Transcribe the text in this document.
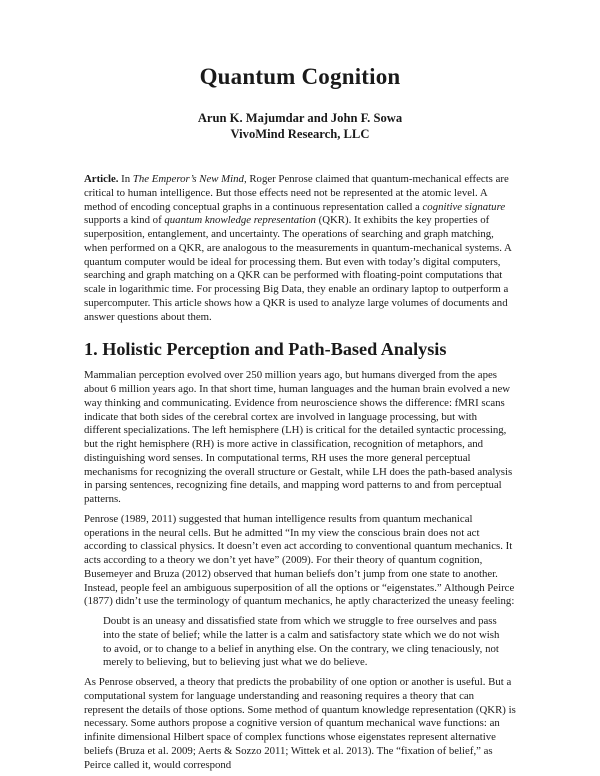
Quantum Cognition
Arun K. Majumdar and John F. Sowa
VivoMind Research, LLC

Article. In The Emperor’s New Mind, Roger Penrose claimed that quantum-mechanical effects are critical to human intelligence. But those effects need not be represented at the atomic level. A method of encoding conceptual graphs in a continuous representation called a cognitive signature supports a kind of quantum knowledge representation (QKR). It exhibits the key properties of superposition, entanglement, and uncertainty. The operations of searching and graph matching, when performed on a QKR, are analogous to the measurements in quantum-mechanical systems. A quantum computer would be ideal for processing them. But even with today’s digital computers, searching and graph matching on a QKR can be performed with floating-point computations that scale in logarithmic time. For processing Big Data, they enable an ordinary laptop to outperform a supercomputer. This article shows how a QKR is used to analyze large volumes of documents and answer questions about them.

1. Holistic Perception and Path-Based Analysis

Mammalian perception evolved over 250 million years ago, but humans diverged from the apes about 6 million years ago. In that short time, human languages and the human brain evolved a new way thinking and communicating. Evidence from neuroscience shows the difference: fMRI scans indicate that both sides of the cerebral cortex are involved in language processing, but with different specializations. The left hemisphere (LH) is critical for the detailed syntactic processing, but the right hemisphere (RH) is more active in classification, recognition of metaphors, and distinguishing word senses. In computational terms, RH uses the more general perceptual mechanisms for recognizing the overall structure or Gestalt, while LH does the path-based analysis in parsing sentences, recognizing fine details, and mapping word patterns to and from perceptual patterns.

Penrose (1989, 2011) suggested that human intelligence results from quantum mechanical operations in the neural cells. But he admitted “In my view the conscious brain does not act according to classical physics. It doesn’t even act according to conventional quantum mechanics. It acts according to a theory we don’t yet have” (2009). For their theory of quantum cognition, Busemeyer and Bruza (2012) observed that human beliefs don’t jump from one state to another. Instead, people feel an ambiguous superposition of all the options or “eigenstates.” Although Peirce (1877) didn’t use the terminology of quantum mechanics, he aptly characterized the uneasy feeling:

Doubt is an uneasy and dissatisfied state from which we struggle to free ourselves and pass into the state of belief; while the latter is a calm and satisfactory state which we do not wish to avoid, or to change to a belief in anything else. On the contrary, we cling tenaciously, not merely to believing, but to believing just what we do believe.

As Penrose observed, a theory that predicts the probability of one option or another is useful. But a computational system for language understanding and reasoning requires a theory that can represent the details of those options. Some method of quantum knowledge representation (QKR) is necessary. Some authors propose a cognitive version of quantum mechanical wave functions: an infinite dimensional Hilbert space of complex functions whose eigenstates represent alternative beliefs (Bruza et al. 2009; Aerts & Sozzo 2011; Wittek et al. 2013). The “fixation of belief,” as Peirce called it, would correspond
